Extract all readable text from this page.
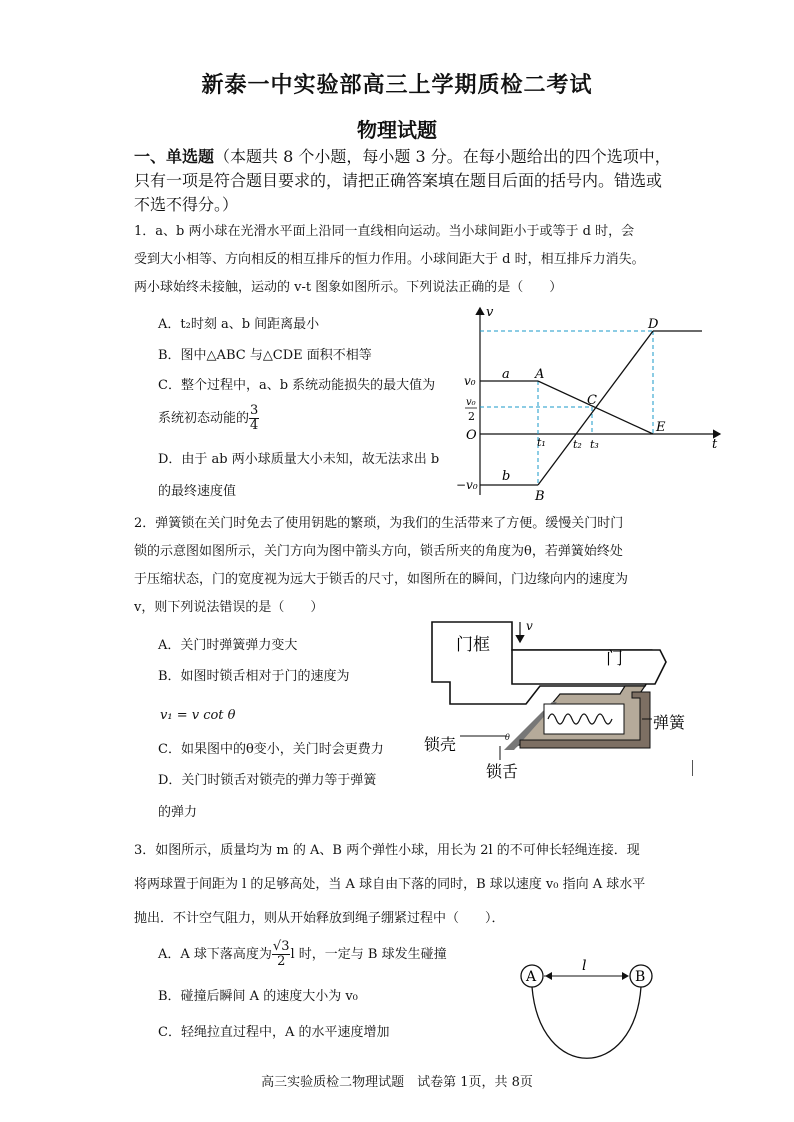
新泰一中实验部高三上学期质检二考试
物理试题
一、单选题（本题共 8 个小题，每小题 3 分。在每小题给出的四个选项中，只有一项是符合题目要求的，请把正确答案填在题目后面的括号内。错选或不选不得分。）
1．a、b 两小球在光滑水平面上沿同一直线相向运动。当小球间距小于或等于 d 时，会
受到大小相等、方向相反的相互排斥的恒力作用。小球间距大于 d 时，相互排斥力消失。
两小球始终未接触，运动的 v-t 图象如图所示。下列说法正确的是（　　）
A．t₂时刻 a、b 间距离最小
B．图中△ABC 与△CDE 面积不相等
C．整个过程中，a、b 系统动能损失的最大值为
系统初态动能的 $\frac{3}{4}$
D．由于 ab 两小球质量大小未知，故无法求出 b
的最终速度值
v
t
O
v₀
v₀
2
−v₀
a
b
A
B
C
D
E
t₁ t₂ t₃
2．弹簧锁在关门时免去了使用钥匙的繁琐，为我们的生活带来了方便。缓慢关门时门
锁的示意图如图所示，关门方向为图中箭头方向，锁舌所夹的角度为θ，若弹簧始终处
于压缩状态，门的宽度视为远大于锁舌的尺寸，如图所在的瞬间，门边缘向内的速度为
v，则下列说法错误的是（　　）
A．关门时弹簧弹力变大
B．如图时锁舌相对于门的速度为
v₁ = v cot θ
C．如果图中的θ变小，关门时会更费力
D．关门时锁舌对锁壳的弹力等于弹簧
的弹力
v
门框
门
弹簧
锁壳
锁舌
θ
3．如图所示，质量均为 m 的 A、B 两个弹性小球，用长为 2l 的不可伸长轻绳连接．现
将两球置于间距为 l 的足够高处，当 A 球自由下落的同时，B 球以速度 v₀ 指向 A 球水平
抛出．不计空气阻力，则从开始释放到绳子绷紧过程中（　　）．
A．A 球下落高度为 $\frac{√3}{2}$ l 时，一定与 B 球发生碰撞
B．碰撞后瞬间 A 的速度大小为 v₀
C．轻绳拉直过程中，A 的水平速度增加
A	B
l
高三实验质检二物理试题　试卷第 1页，共 8页
